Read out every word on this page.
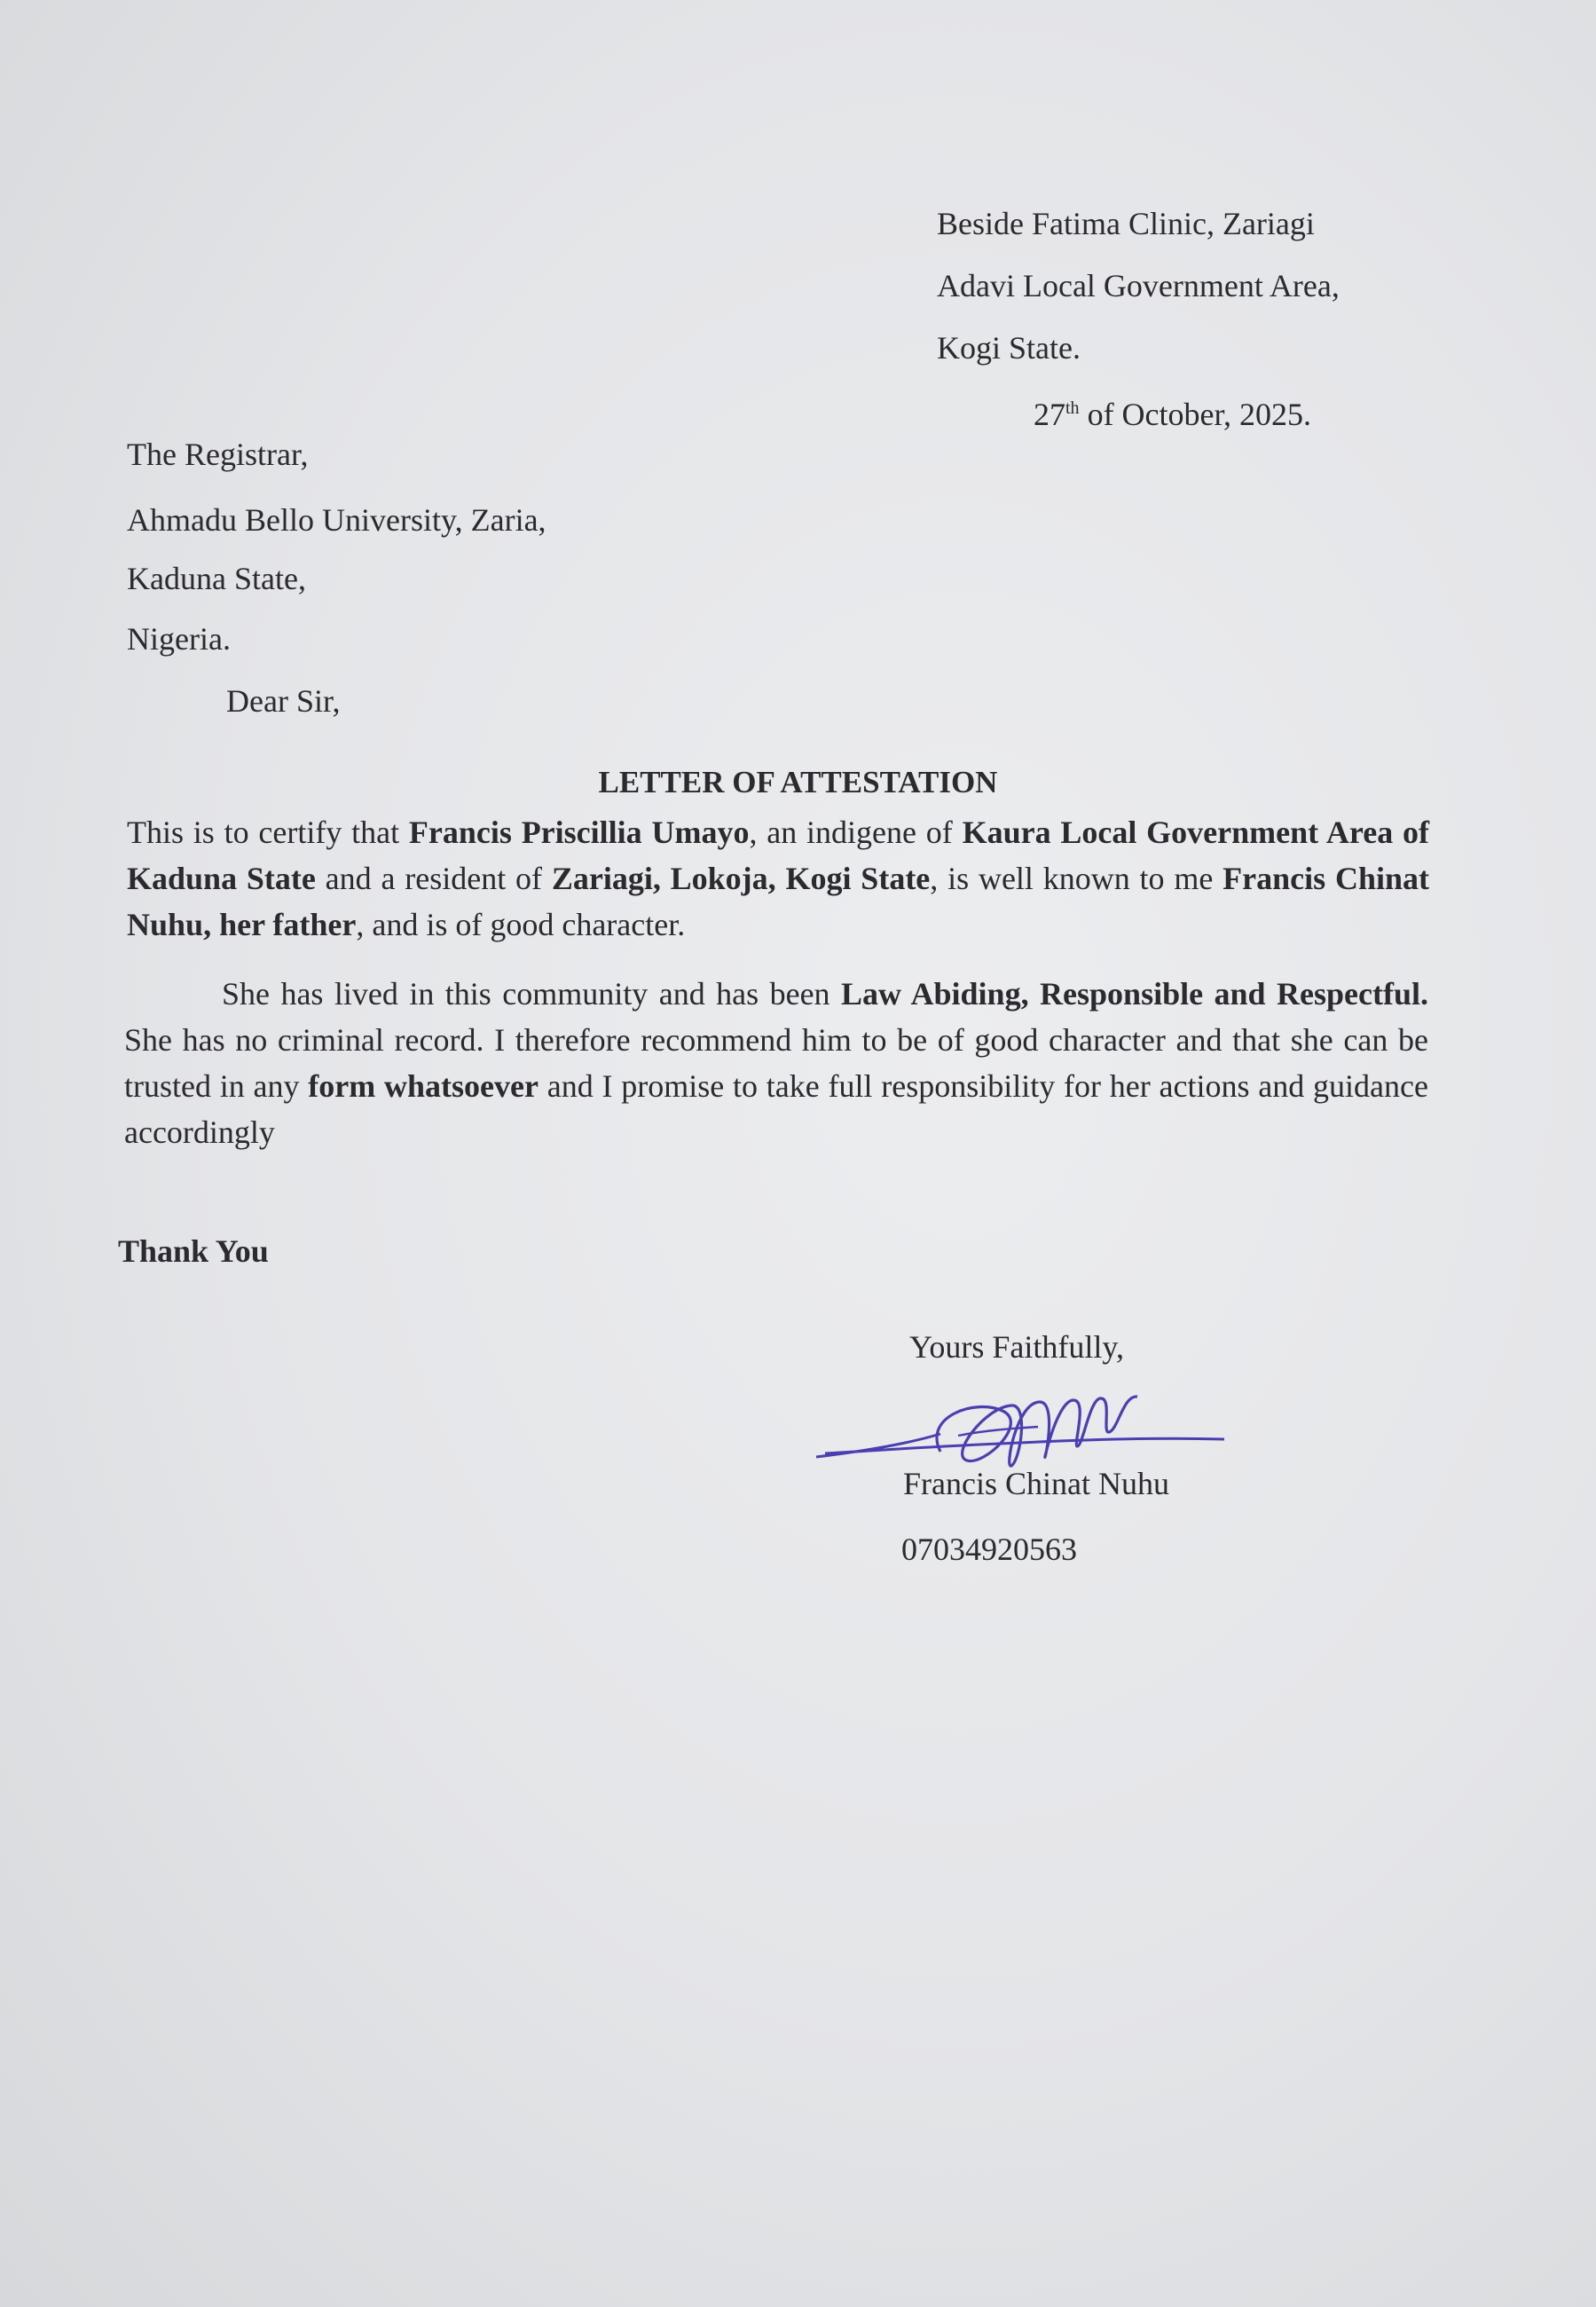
Beside Fatima Clinic, Zariagi
Adavi Local Government Area,
Kogi State.
27th of October, 2025.
The Registrar,
Ahmadu Bello University, Zaria,
Kaduna State,
Nigeria.
Dear Sir,
LETTER OF ATTESTATION
This is to certify that Francis Priscillia Umayo, an indigene of Kaura Local Government Area of Kaduna State and a resident of Zariagi, Lokoja, Kogi State, is well known to me Francis Chinat Nuhu, her father, and is of good character.
She has lived in this community and has been Law Abiding, Responsible and Respectful. She has no criminal record. I therefore recommend him to be of good character and that she can be trusted in any form whatsoever and I promise to take full responsibility for her actions and guidance accordingly
Thank You
Yours Faithfully,
Francis Chinat Nuhu
07034920563
